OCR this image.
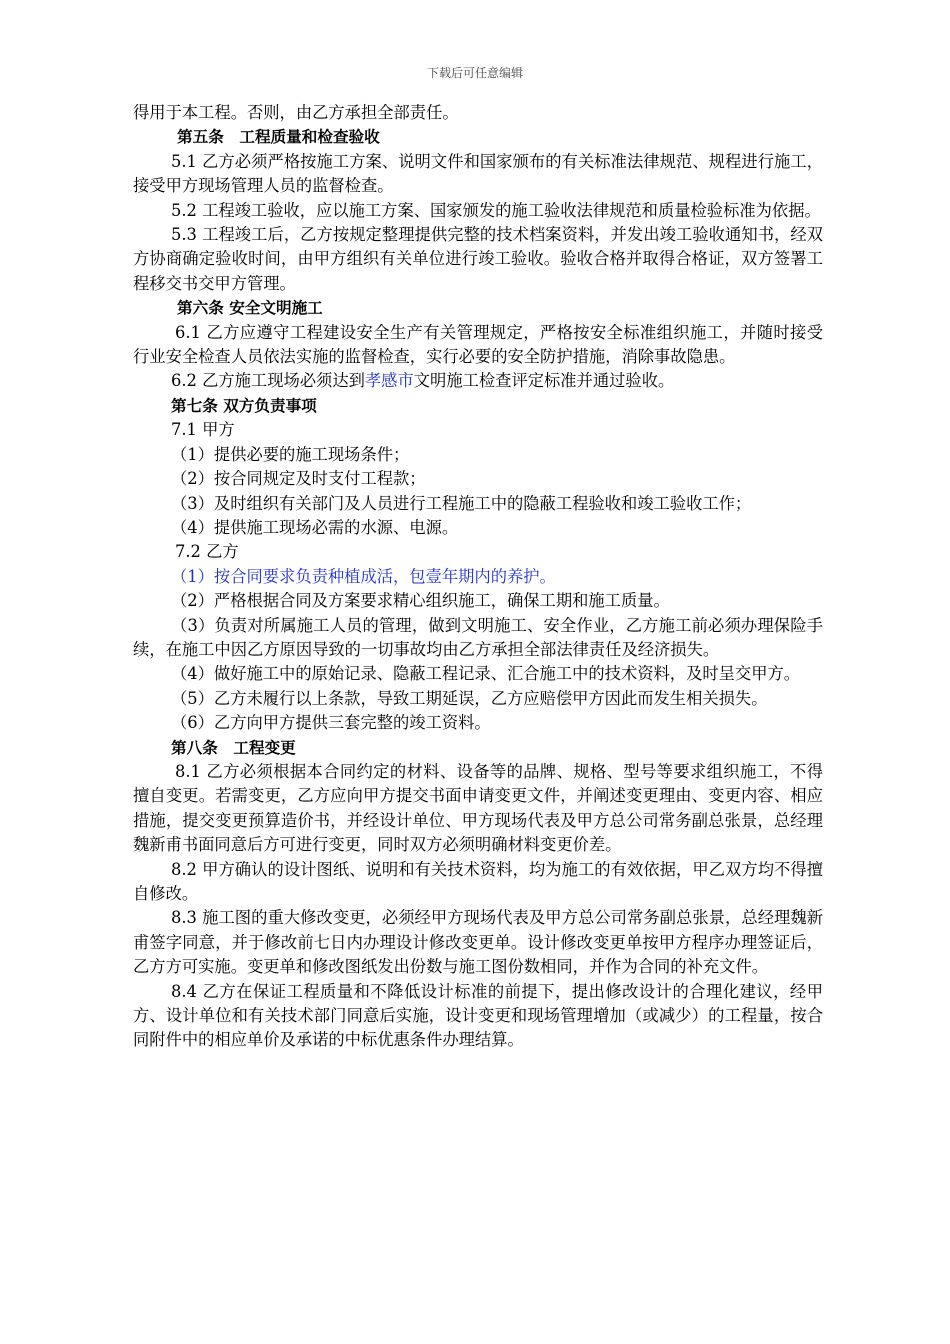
下载后可任意编辑

得用于本工程。否则，由乙方承担全部责任。

第五条　工程质量和检查验收

5.1 乙方必须严格按施工方案、说明文件和国家颁布的有关标准法律规范、规程进行施工，接受甲方现场管理人员的监督检查。

5.2 工程竣工验收，应以施工方案、国家颁发的施工验收法律规范和质量检验标准为依据。

5.3 工程竣工后，乙方按规定整理提供完整的技术档案资料，并发出竣工验收通知书，经双方协商确定验收时间，由甲方组织有关单位进行竣工验收。验收合格并取得合格证，双方签署工程移交书交甲方管理。

第六条 安全文明施工

6.1 乙方应遵守工程建设安全生产有关管理规定，严格按安全标准组织施工，并随时接受行业安全检查人员依法实施的监督检查，实行必要的安全防护措施，消除事故隐患。

6.2 乙方施工现场必须达到孝感市文明施工检查评定标准并通过验收。

第七条 双方负责事项

7.1 甲方

（1）提供必要的施工现场条件；

（2）按合同规定及时支付工程款；

（3）及时组织有关部门及人员进行工程施工中的隐蔽工程验收和竣工验收工作；

（4）提供施工现场必需的水源、电源。

7.2 乙方

（1）按合同要求负责种植成活，包壹年期内的养护。

（2）严格根据合同及方案要求精心组织施工，确保工期和施工质量。

（3）负责对所属施工人员的管理，做到文明施工、安全作业，乙方施工前必须办理保险手续，在施工中因乙方原因导致的一切事故均由乙方承担全部法律责任及经济损失。

（4）做好施工中的原始记录、隐蔽工程记录、汇合施工中的技术资料，及时呈交甲方。

（5）乙方未履行以上条款，导致工期延误，乙方应赔偿甲方因此而发生相关损失。

（6）乙方向甲方提供三套完整的竣工资料。

第八条　工程变更

8.1 乙方必须根据本合同约定的材料、设备等的品牌、规格、型号等要求组织施工，不得擅自变更。若需变更，乙方应向甲方提交书面申请变更文件，并阐述变更理由、变更内容、相应措施，提交变更预算造价书，并经设计单位、甲方现场代表及甲方总公司常务副总张景，总经理魏新甫书面同意后方可进行变更，同时双方必须明确材料变更价差。

8.2 甲方确认的设计图纸、说明和有关技术资料，均为施工的有效依据，甲乙双方均不得擅自修改。

8.3 施工图的重大修改变更，必须经甲方现场代表及甲方总公司常务副总张景，总经理魏新甫签字同意，并于修改前七日内办理设计修改变更单。设计修改变更单按甲方程序办理签证后，乙方方可实施。变更单和修改图纸发出份数与施工图份数相同，并作为合同的补充文件。

8.4 乙方在保证工程质量和不降低设计标准的前提下，提出修改设计的合理化建议，经甲方、设计单位和有关技术部门同意后实施，设计变更和现场管理增加（或减少）的工程量，按合同附件中的相应单价及承诺的中标优惠条件办理结算。
